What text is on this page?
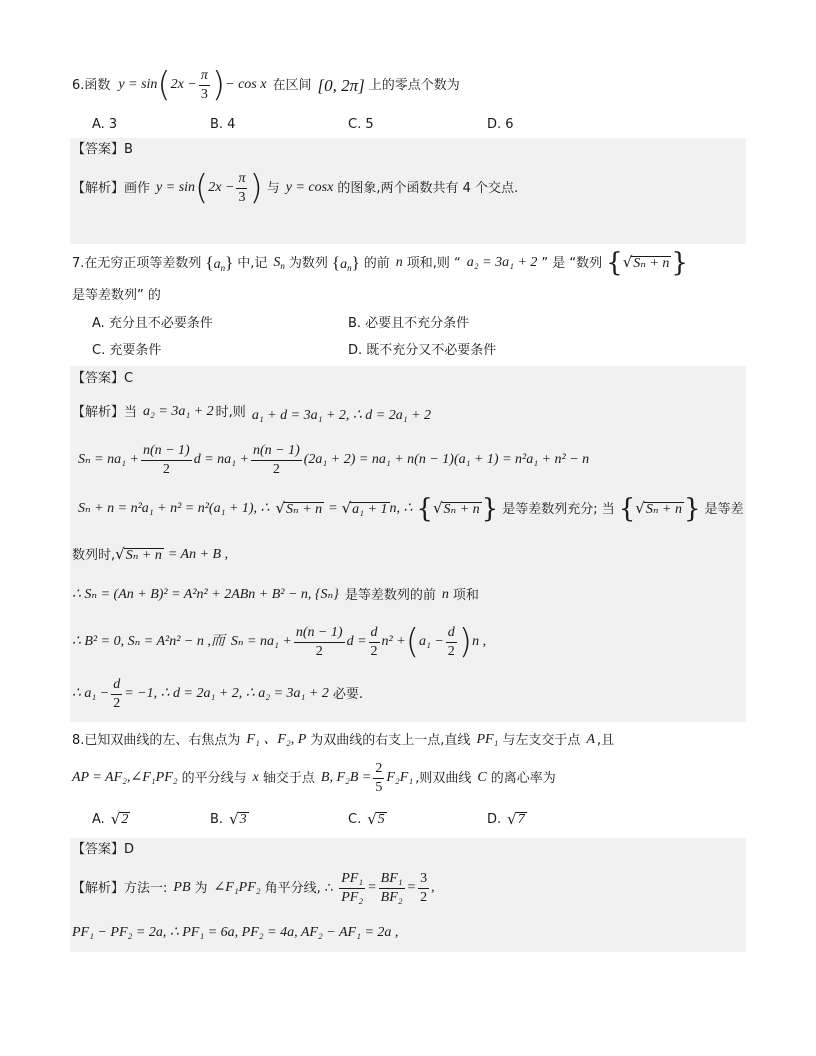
6.函数 y = sin ( $2x - \frac{\pi}{3}$ ) − cos x 在区间 [0, 2π] 上的零点个数为
A. 3	B. 4	C. 5	D. 6
【答案】B
【解析】 画作 y = sin ( $2x - \frac{\pi}{3}$ ) 与 y = cosx 的图象,两个函数共有 4 个交点.
7.在无穷正项等差数列 $\{a_n\}$ 中,记 $S_n$ 为数列 $\{a_n\}$ 的前 n 项和,则 “ a₂ = 3a₁ + 2 ” 是 “数列 { √Sₙ + n }
是等差数列” 的
A. 充分且不必要条件	B. 必要且不充分条件
C. 充要条件	D. 既不充分又不必要条件
【答案】C
【解析】 当 a₂ = 3a₁ + 2 时,则 a₁ + d = 3a₁ + 2, ∴ d = 2a₁ + 2
$S_n = na_1 + \frac{n(n - 1)}{2}$ $d = na_1 + \frac{n(n - 1)}{2} (2a_1 + 2) = na_1 + n(n - 1)(a_1 + 1) = n^2a_1 + n^2 - n$
Sₙ + n = n²a₁ + n² = n²(a₁ + 1), ∴ √Sₙ + n = √a₁ + 1 n, ∴ { √Sₙ + n } 是等差数列充分; 当 { √Sₙ + n } 是等差
数列时, √Sₙ + n = An + B ,
∴ Sₙ = (An + B)² = A²n² + 2ABn + B² − n, {Sₙ} 是等差数列的前 n 项和
∴ B² = 0, Sₙ = A²n² − n ,而 $S_n = na_1 + \frac{n(n - 1)}{2}$ $d = \frac{d}{2} n^2$ + ( $a_1 - \frac{d}{2}$ ) n ,
∴ $a_1 - \frac{d}{2} = -1$, ∴ d = 2a₁ + 2, ∴ a₂ = 3a₁ + 2 必要.
8.已知双曲线的左、右焦点为 F₁ 、F₂, P 为双曲线的右支上一点,直线 PF₁ 与左支交于点 A ,且
AP = AF₂,∠F₁PF₂ 的平分线与 x 轴交于点 B, $F_2B = \frac{2}{5} F_2F_1$ ,则双曲线 C 的离心率为
A. √ 2	B. √ 3	C. √ 5	D. √ 7
【答案】D
【解析】 方法一: PB 为 ∠F₁PF₂ 角平分线, ∴ $\frac{\text{PF₁}}{\text{PF₂}} = \frac{\text{BF₁}}{\text{BF₂}} = \frac{3}{2}$ ,
PF₁ − PF₂ = 2a, ∴ PF₁ = 6a, PF₂ = 4a, AF₂ − AF₁ = 2a ,
